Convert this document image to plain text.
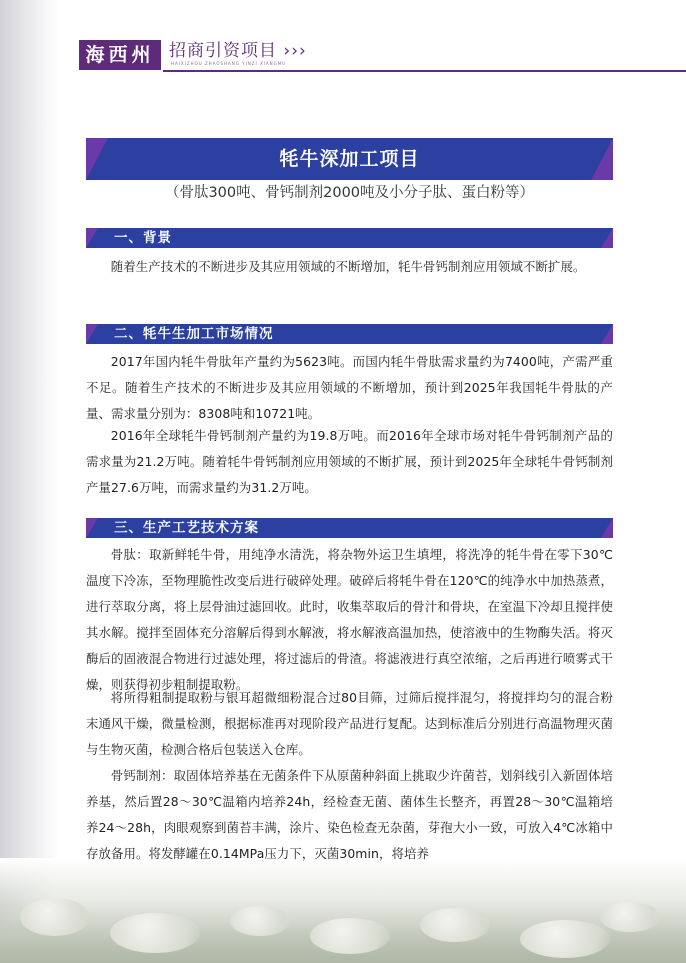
海西州 招商引资项目 ›››
HAIXIZHOU ZHAOSHANG YINZI XIANGMU
牦牛深加工项目
（骨肽300吨、骨钙制剂2000吨及小分子肽、蛋白粉等）
一、背景
随着生产技术的不断进步及其应用领域的不断增加，牦牛骨钙制剂应用领域不断扩展。
二、牦牛生加工市场情况
2017年国内牦牛骨肽年产量约为5623吨。而国内牦牛骨肽需求量约为7400吨，产需严重不足。随着生产技术的不断进步及其应用领域的不断增加，预计到2025年我国牦牛骨肽的产量、需求量分别为：8308吨和10721吨。
2016年全球牦牛骨钙制剂产量约为19.8万吨。而2016年全球市场对牦牛骨钙制剂产品的需求量为21.2万吨。随着牦牛骨钙制剂应用领域的不断扩展，预计到2025年全球牦牛骨钙制剂产量27.6万吨，而需求量约为31.2万吨。
三、生产工艺技术方案
骨肽：取新鲜牦牛骨，用纯净水清洗，将杂物外运卫生填埋，将洗净的牦牛骨在零下30℃温度下冷冻，至物理脆性改变后进行破碎处理。破碎后将牦牛骨在120℃的纯净水中加热蒸煮，进行萃取分离，将上层骨油过滤回收。此时，收集萃取后的骨汁和骨块，在室温下冷却且搅拌使其水解。搅拌至固体充分溶解后得到水解液，将水解液高温加热，使溶液中的生物酶失活。将灭酶后的固液混合物进行过滤处理，将过滤后的骨渣。将滤液进行真空浓缩，之后再进行喷雾式干燥，则获得初步粗制提取粉。
将所得粗制提取粉与银耳超微细粉混合过80目筛，过筛后搅拌混匀，将搅拌均匀的混合粉末通风干燥，微量检测，根据标准再对现阶段产品进行复配。达到标准后分别进行高温物理灭菌与生物灭菌，检测合格后包装送入仓库。
骨钙制剂：取固体培养基在无菌条件下从原菌种斜面上挑取少许菌苔，划斜线引入新固体培养基，然后置28～30℃温箱内培养24h，经检查无菌、菌体生长整齐，再置28～30℃温箱培养24～28h，肉眼观察到菌苔丰满，涂片、染色检查无杂菌，芽孢大小一致，可放入4℃冰箱中存放备用。将发酵罐在0.14MPa压力下，灭菌30min，将培养
